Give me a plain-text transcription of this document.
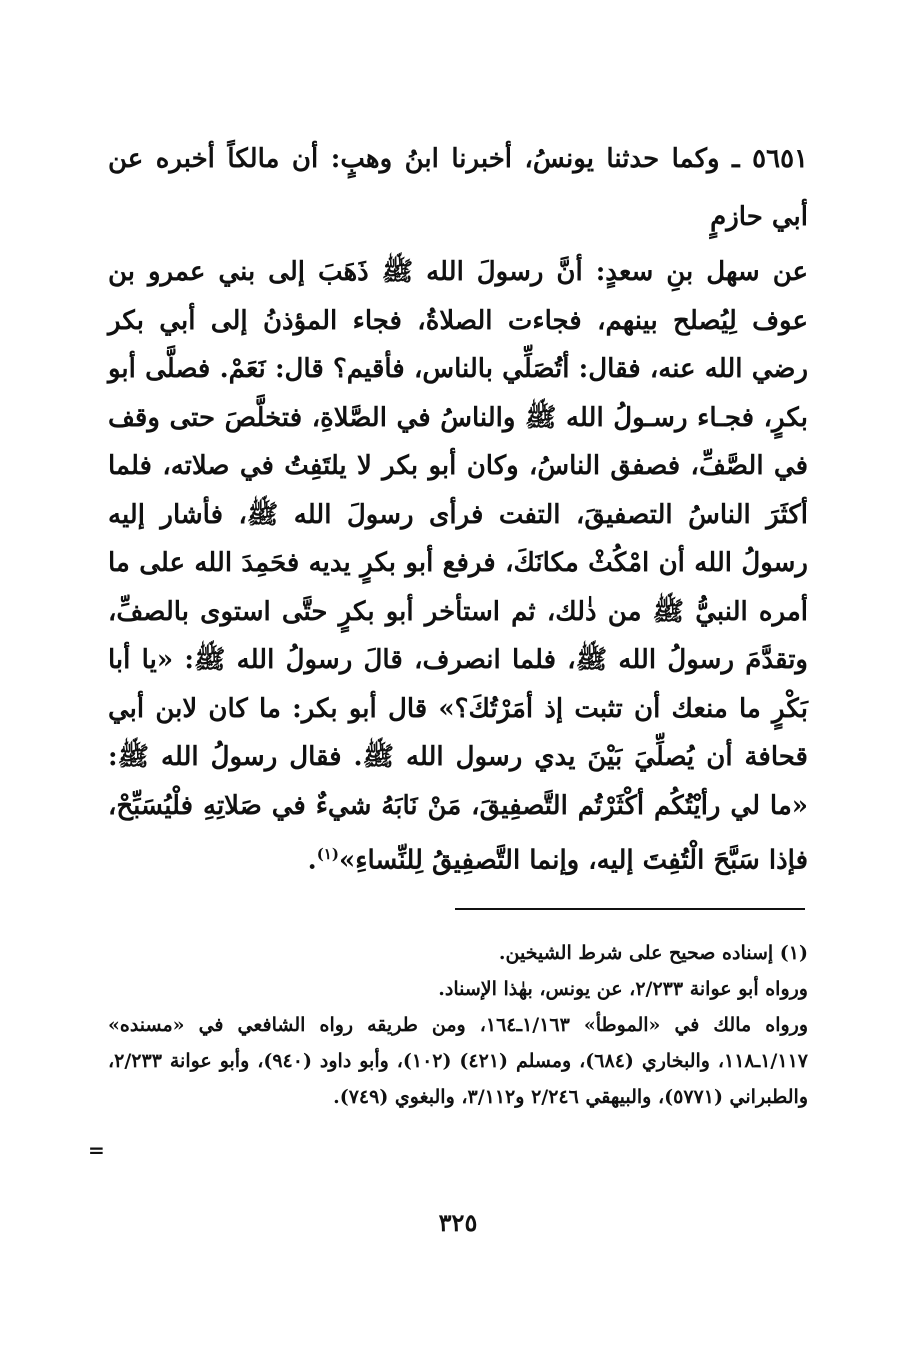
٥٦٥١ ـ وكما حدثنا يونسُ، أخبرنا ابنُ وهبٍ: أن مالكاً أخبره عن أبي حازمٍ

عن سهل بنِ سعدٍ: أنَّ رسولَ الله ﷺ ذَهَبَ إلى بني عمرو بن عوف لِيُصلح بينهم، فجاءت الصلاةُ، فجاء المؤذنُ إلى أبي بكر رضي الله عنه، فقال: أتُصَلِّي بالناس، فأقيم؟ قال: نَعَمْ. فصلَّى أبو بكرٍ، فجـاء رسـولُ الله ﷺ والناسُ في الصَّلاةِ، فتخلَّصَ حتى وقف في الصَّفِّ، فصفق الناسُ، وكان أبو بكر لا يلتَفِتُ في صلاته، فلما أكثَرَ الناسُ التصفيقَ، التفت فرأى رسولَ الله ﷺ، فأشار إليه رسولُ الله أن امْكُثْ مكانَكَ، فرفع أبو بكرٍ يديه فحَمِدَ الله على ما أمره النبيُّ ﷺ من ذٰلك، ثم استأخر أبو بكرٍ حتَّى استوى بالصفِّ، وتقدَّمَ رسولُ الله ﷺ، فلما انصرف، قالَ رسولُ الله ﷺ: «يا أبا بَكْرٍ ما منعك أن تثبت إذ أمَرْتُكَ؟» قال أبو بكر: ما كان لابن أبي قحافة أن يُصلِّيَ بَيْنَ يدي رسول الله ﷺ. فقال رسولُ الله ﷺ: «ما لي رأيْتُكُم أكْثَرْتُم التَّصفِيقَ، مَنْ نَابَهُ شيءٌ في صَلاتِهِ فلْيُسَبِّحْ، فإذا سَبَّحَ الْتُفِتَ إليه، وإنما التَّصفِيقُ لِلنِّساءِ»$^{(١)}$.

(١) إسناده صحيح على شرط الشيخين.

ورواه أبو عوانة ٢/٢٣٣، عن يونس، بهٰذا الإسناد.

ورواه مالك في «الموطأ» ١/١٦٣ـ١٦٤، ومن طريقه رواه الشافعي في «مسنده» ١/١١٧ـ١١٨، والبخاري (٦٨٤)، ومسلم (٤٢١) (١٠٢)، وأبو داود (٩٤٠)، وأبو عوانة ٢/٢٣٣، والطبراني (٥٧٧١)، والبيهقي ٢/٢٤٦ و٣/١١٢، والبغوي (٧٤٩).

=
٣٢٥
